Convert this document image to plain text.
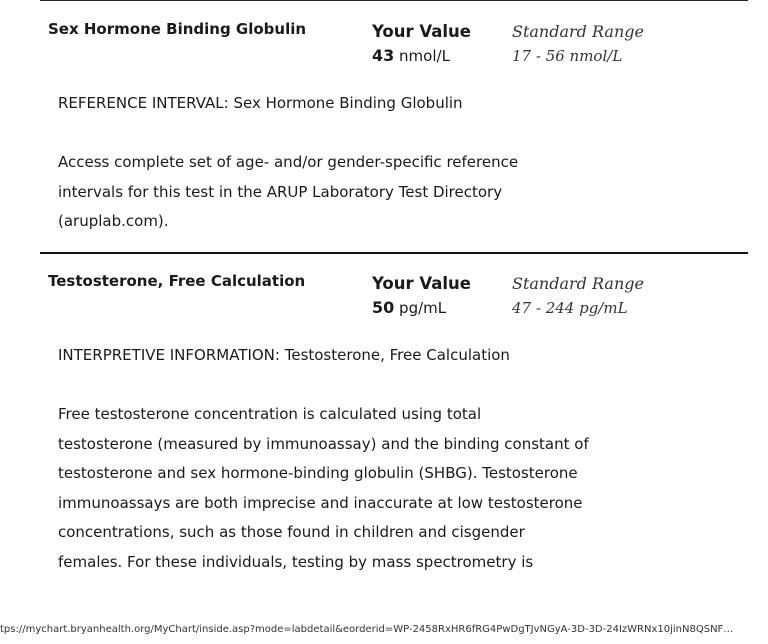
Sex Hormone Binding Globulin	Your Value
43 nmol/L
Standard Range
17 - 56 nmol/L

REFERENCE INTERVAL: Sex Hormone Binding Globulin

Access complete set of age- and/or gender-specific reference

intervals for this test in the ARUP Laboratory Test Directory

(aruplab.com).

Testosterone, Free Calculation	Your Value
50 pg/mL
Standard Range
47 - 244 pg/mL

INTERPRETIVE INFORMATION: Testosterone, Free Calculation

Free testosterone concentration is calculated using total

testosterone (measured by immunoassay) and the binding constant of

testosterone and sex hormone-binding globulin (SHBG). Testosterone

immunoassays are both imprecise and inaccurate at low testosterone

concentrations, such as those found in children and cisgender

females. For these individuals, testing by mass spectrometry is

tps://mychart.bryanhealth.org/MyChart/inside.asp?mode=labdetail&eorderid=WP-2458RxHR6fRG4PwDgTJvNGyA-3D-3D-24IzWRNx10jinN8QSNF…
